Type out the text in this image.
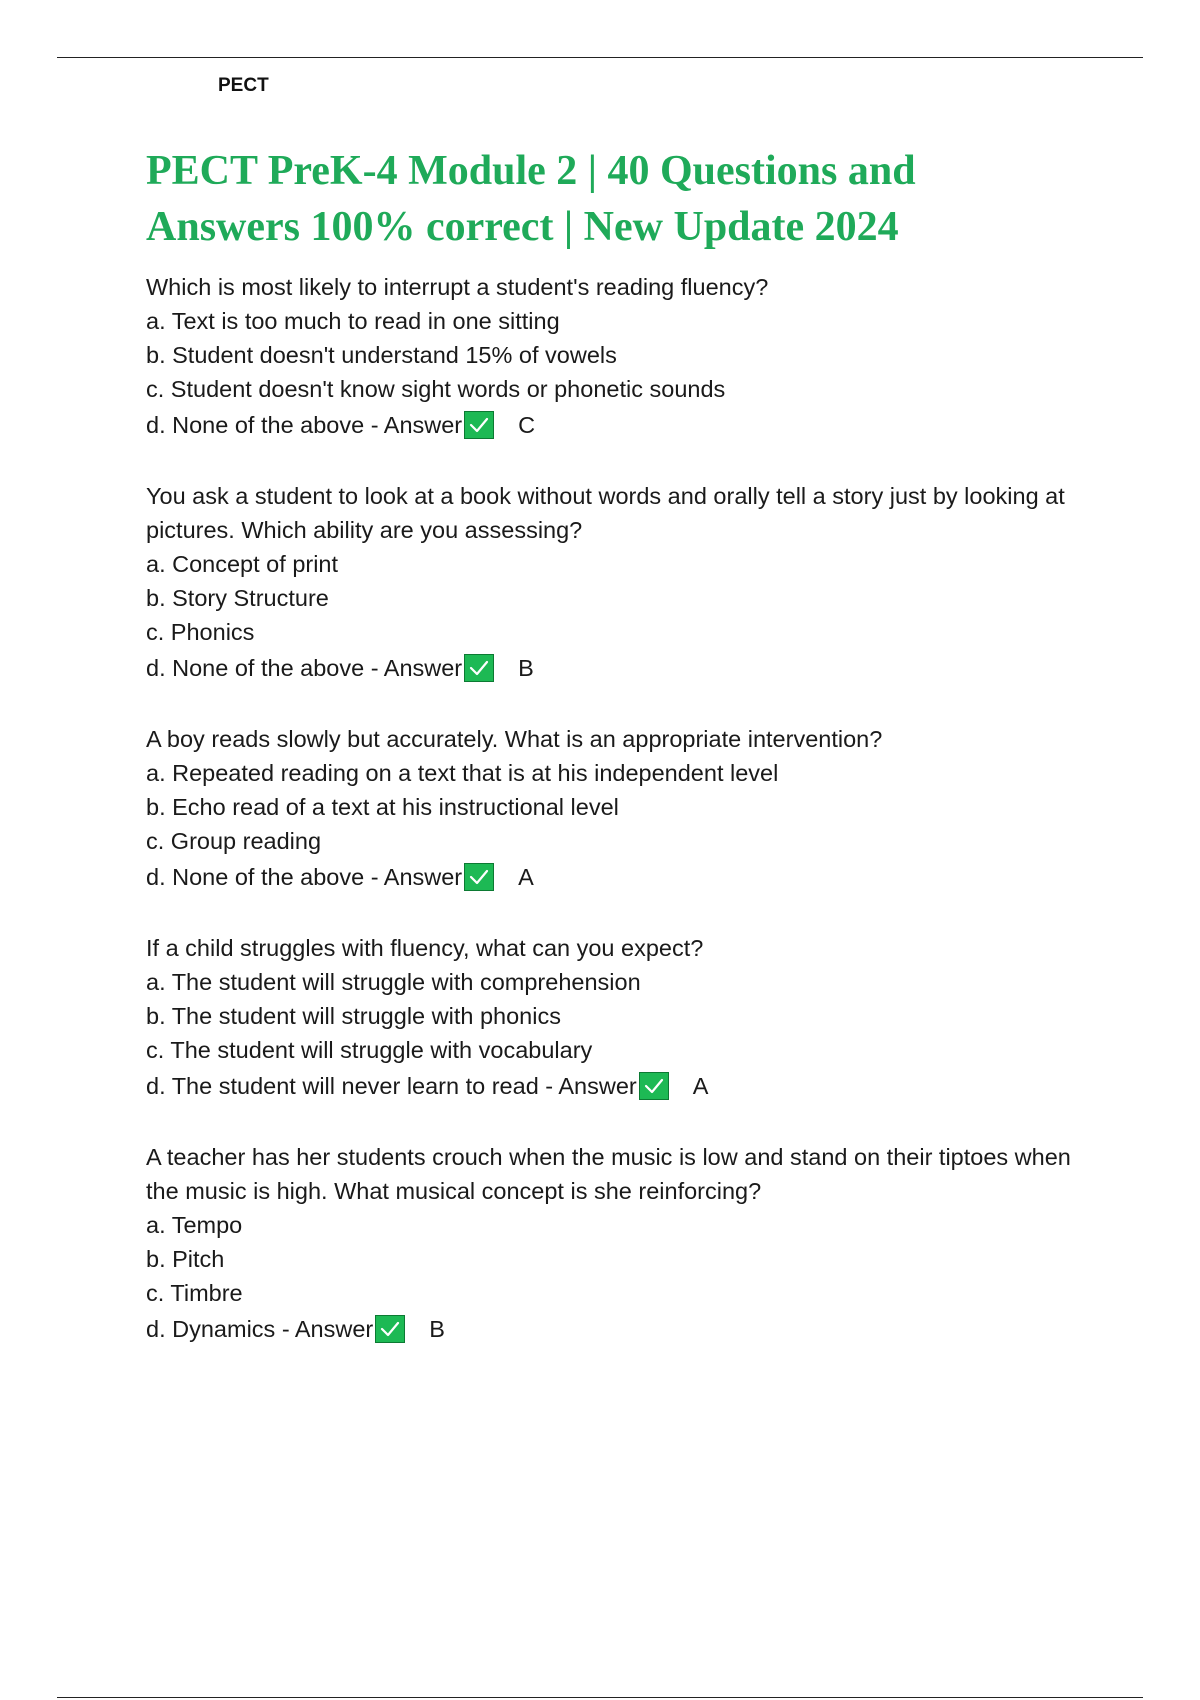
PECT
PECT PreK-4 Module 2 | 40 Questions and Answers 100% correct | New Update 2024

Which is most likely to interrupt a student's reading fluency?

a. Text is too much to read in one sitting

b. Student doesn't understand 15% of vowels

c. Student doesn't know sight words or phonetic sounds

d. None of the above - Answer C

You ask a student to look at a book without words and orally tell a story just by looking at pictures. Which ability are you assessing?

a. Concept of print

b. Story Structure

c. Phonics

d. None of the above - Answer B

A boy reads slowly but accurately. What is an appropriate intervention?

a. Repeated reading on a text that is at his independent level

b. Echo read of a text at his instructional level

c. Group reading

d. None of the above - Answer A

If a child struggles with fluency, what can you expect?

a. The student will struggle with comprehension

b. The student will struggle with phonics

c. The student will struggle with vocabulary

d. The student will never learn to read - Answer A

A teacher has her students crouch when the music is low and stand on their tiptoes when the music is high. What musical concept is she reinforcing?

a. Tempo

b. Pitch

c. Timbre

d. Dynamics - Answer B
